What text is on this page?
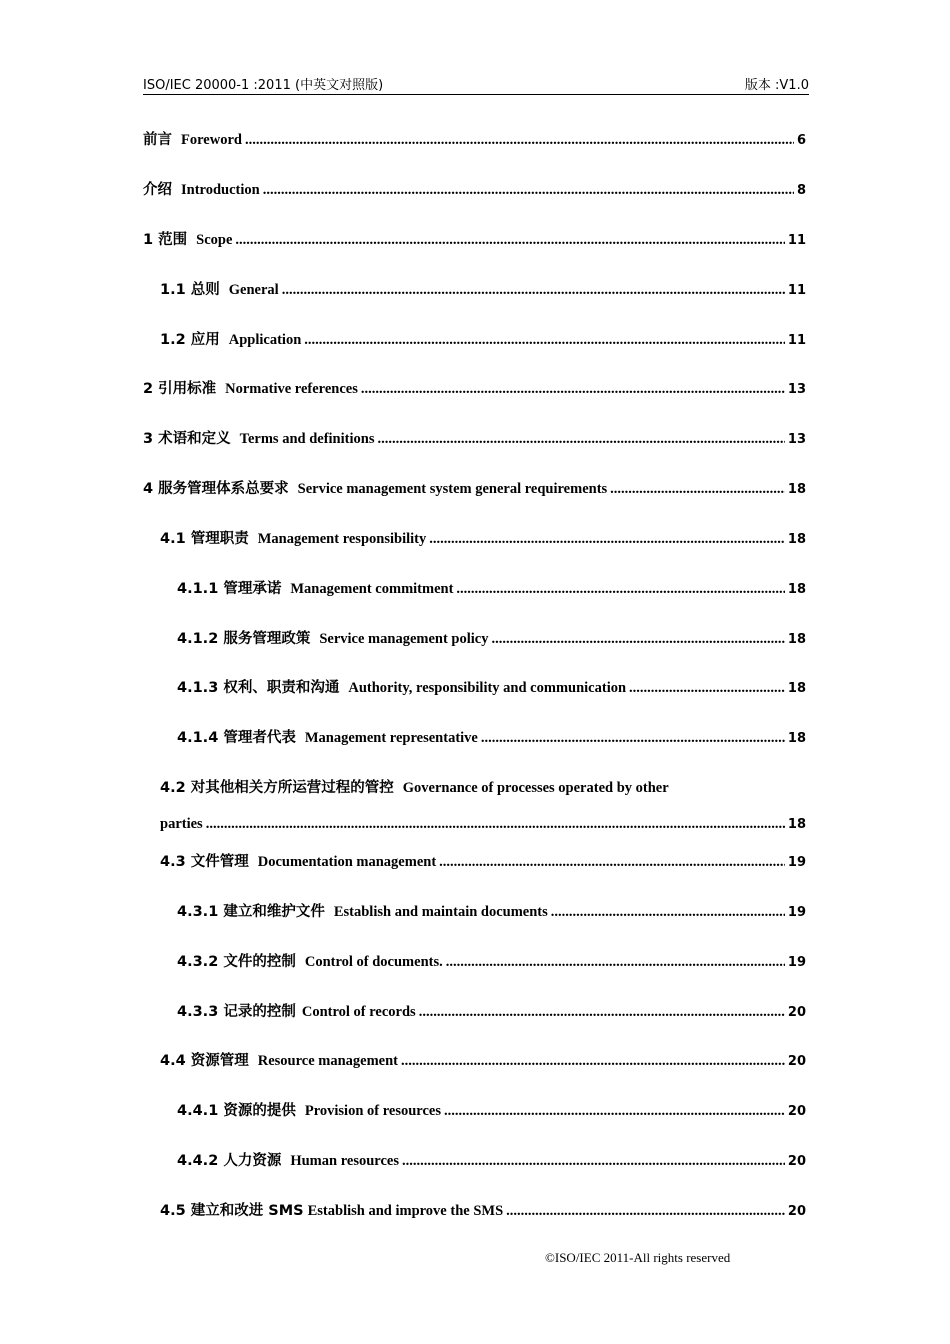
ISO/IEC 20000-1 :2011 (中英文对照版)	版本 :V1.0
前言 Foreword .....	6
介绍 Introduction .....	8
1 范围 Scope .....	11
1.1 总则 General .....	11
1.2 应用 Application .....	11
2 引用标准 Normative references .....	13
3 术语和定义 Terms and definitions .....	13
4 服务管理体系总要求 Service management system general requirements .....	18
4.1 管理职责 Management responsibility .....	18
4.1.1 管理承诺 Management commitment .....	18
4.1.2 服务管理政策 Service management policy .....	18
4.1.3 权利、职责和沟通 Authority, responsibility and communication .....	18
4.1.4 管理者代表 Management representative .....	18
4.2 对其他相关方所运营过程的管控 Governance of processes operated by other
parties .....	18
4.3 文件管理 Documentation management .....	19
4.3.1 建立和维护文件 Establish and maintain documents .....	19
4.3.2 文件的控制 Control of documents. .....	19
4.3.3 记录的控制 Control of records .....	20
4.4 资源管理 Resource management .....	20
4.4.1 资源的提供 Provision of resources .....	20
4.4.2 人力资源 Human resources .....	20
4.5 建立和改进 SMS Establish and improve the SMS .....	20
©ISO/IEC 2011-All rights reserved
